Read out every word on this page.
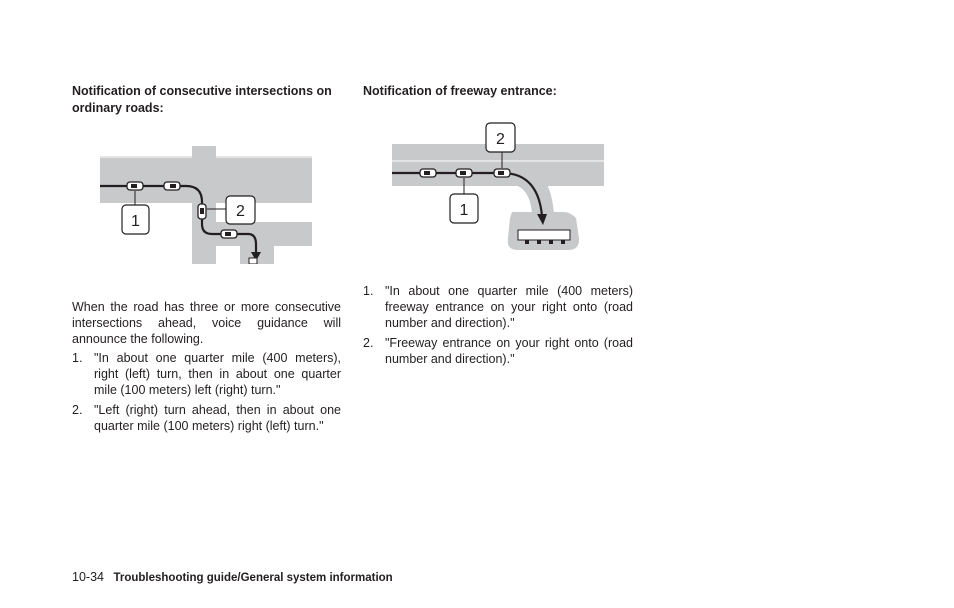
Notification of consecutive intersections on ordinary roads:
Notification of freeway entrance:
1
2	1
2

When the road has three or more consecutive intersections ahead, voice guidance will announce the following.

1. "In about one quarter mile (400 meters), right (left) turn, then in about one quarter mile (100 meters) left (right) turn."
2. "Left (right) turn ahead, then in about one quarter mile (100 meters) right (left) turn."
1. "In about one quarter mile (400 meters) freeway entrance on your right onto (road number and direction)."
2. "Freeway entrance on your right onto (road number and direction)."
10-34 Troubleshooting guide/General system information
